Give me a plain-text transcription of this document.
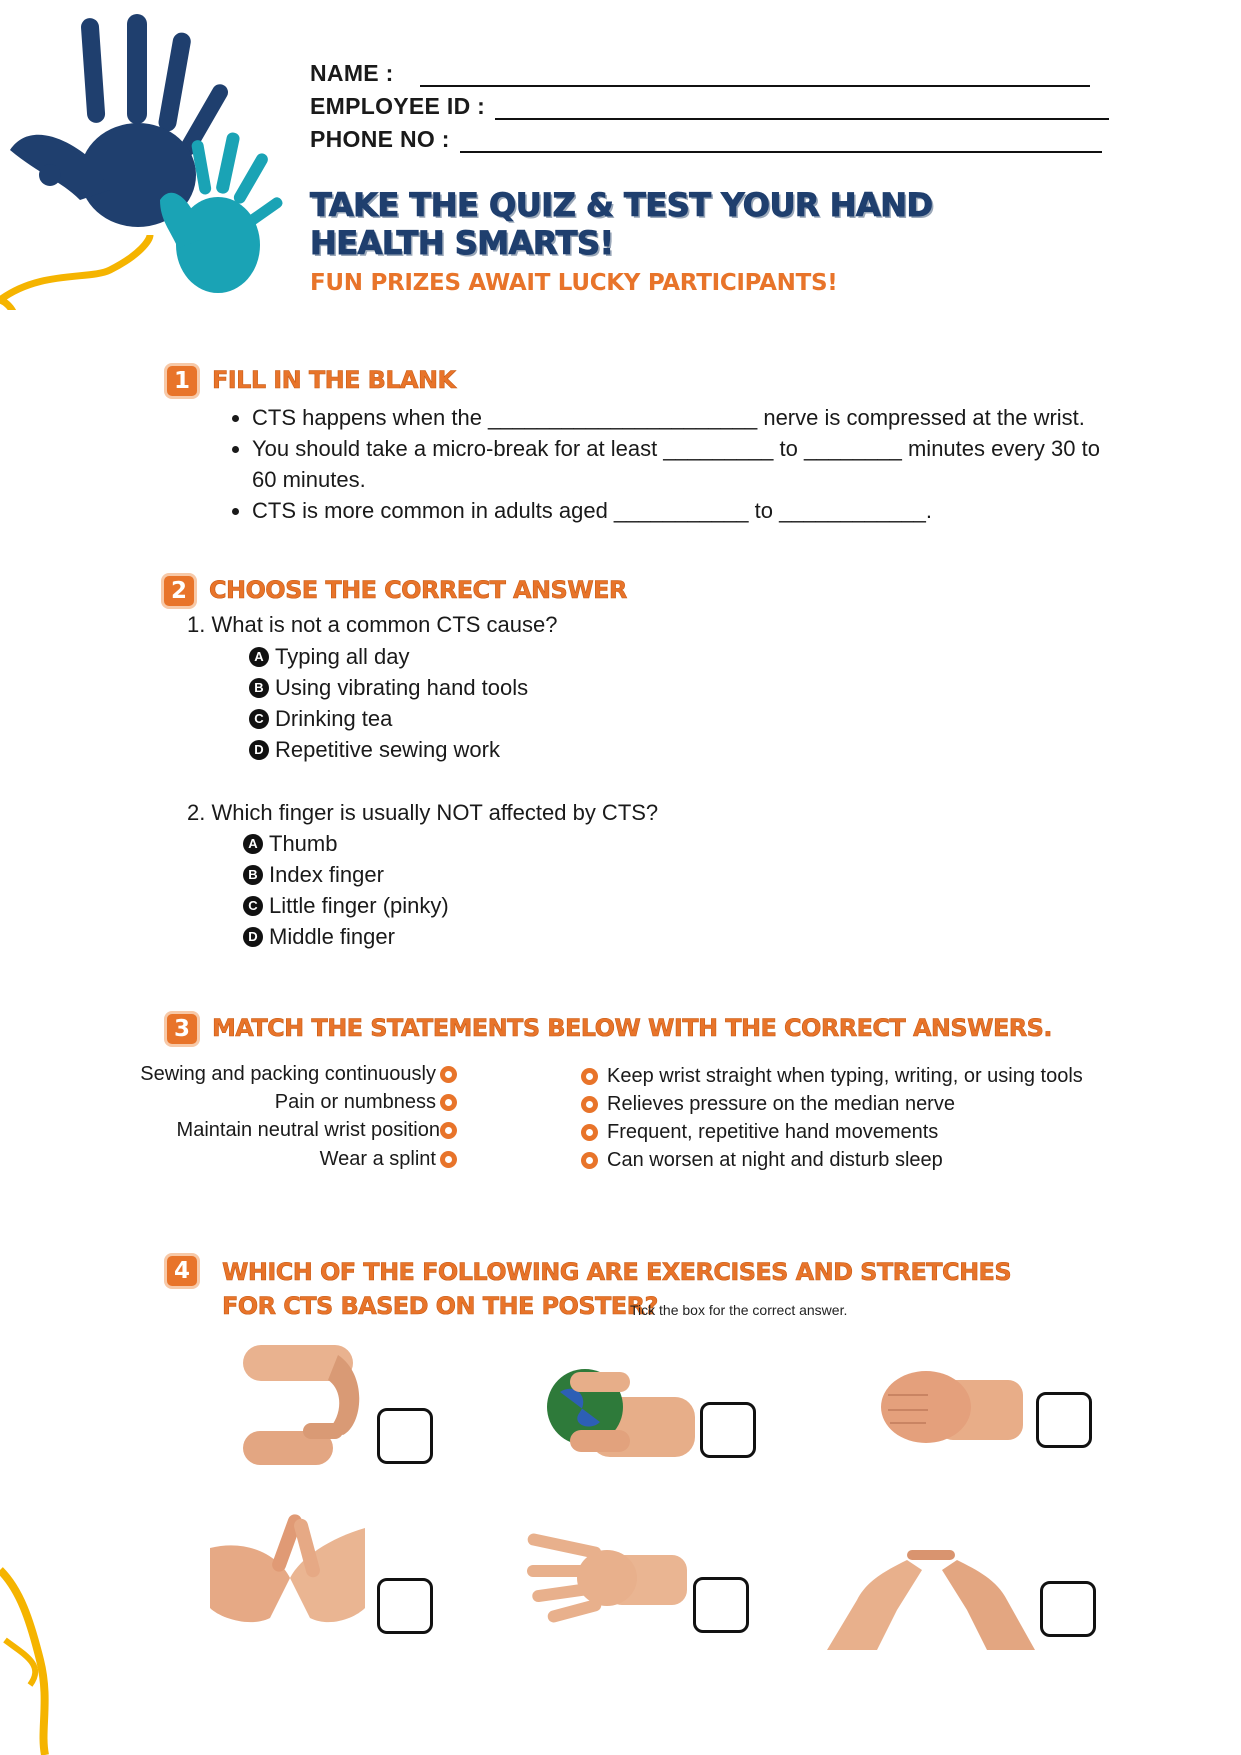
NAME :
EMPLOYEE ID :
PHONE NO :
TAKE THE QUIZ & TEST YOUR HAND HEALTH SMARTS!
FUN PRIZES AWAIT LUCKY PARTICIPANTS!
1 FILL IN THE BLANK
• CTS happens when the ______________________ nerve is compressed at the wrist.
• You should take a micro-break for at least _________ to ________ minutes every 30 to 60 minutes.
• CTS is more common in adults aged ___________ to ____________.
2 CHOOSE THE CORRECT ANSWER
1. What is not a common CTS cause?
A Typing all day
B Using vibrating hand tools
C Drinking tea
D Repetitive sewing work
2. Which finger is usually NOT affected by CTS?
A Thumb
B Index finger
C Little finger (pinky)
D Middle finger
3 MATCH THE STATEMENTS BELOW WITH THE CORRECT ANSWERS.
Sewing and packing continuously
Pain or numbness
Maintain neutral wrist position
Wear a splint
Keep wrist straight when typing, writing, or using tools
Relieves pressure on the median nerve
Frequent, repetitive hand movements
Can worsen at night and disturb sleep
4 WHICH OF THE FOLLOWING ARE EXERCISES AND STRETCHES
FOR CTS BASED ON THE POSTER?
Tick the box for the correct answer.
